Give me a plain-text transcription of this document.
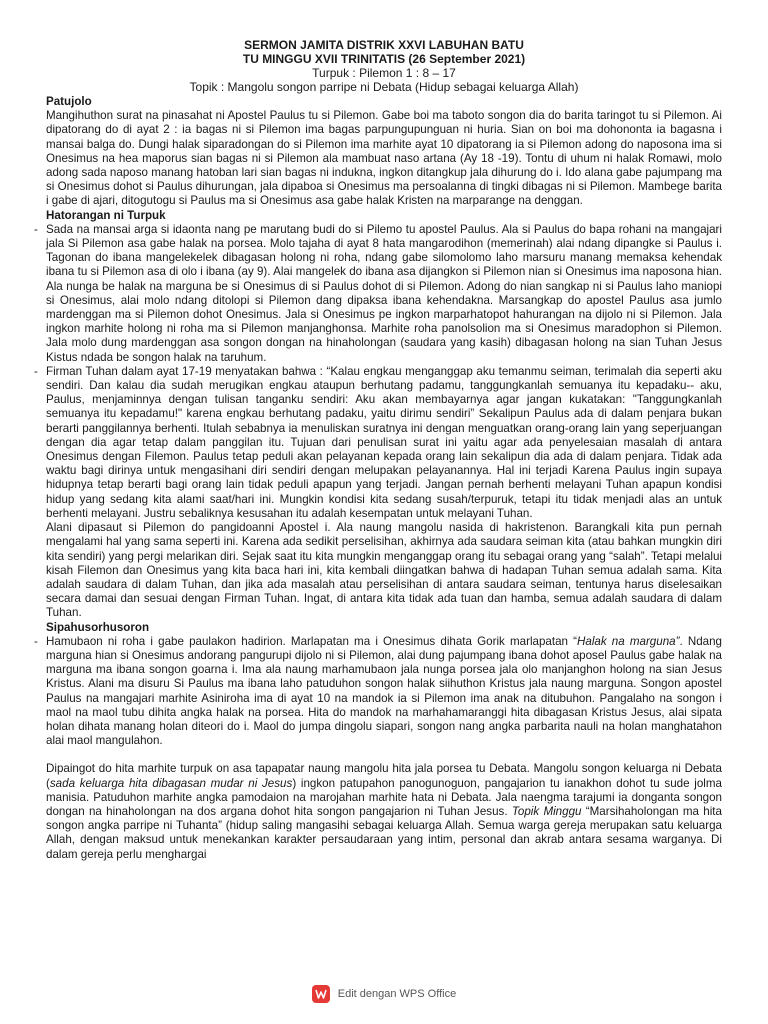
SERMON JAMITA DISTRIK XXVI LABUHAN BATU
TU MINGGU XVII TRINITATIS (26 September 2021)
Turpuk : Pilemon 1 : 8 – 17
Topik : Mangolu songon parripe ni Debata (Hidup sebagai keluarga Allah)

Patujolo

Mangihuthon surat na pinasahat ni Apostel Paulus tu si Pilemon. Gabe boi ma taboto songon dia do barita taringot tu si Pilemon. Ai dipatorang do di ayat 2 : ia bagas ni si Pilemon ima bagas parpungupunguan ni huria. Sian on boi ma dohononta ia bagasna i mansai balga do. Dungi halak siparadongan do si Pilemon ima marhite ayat 10 dipatorang ia si Pilemon adong do naposona ima si Onesimus na hea maporus sian bagas ni si Pilemon ala mambuat naso artana (Ay 18 -19). Tontu di uhum ni halak Romawi, molo adong sada naposo manang hatoban lari sian bagas ni indukna, ingkon ditangkup jala dihurung do i. Ido alana gabe pajumpang ma si Onesimus dohot si Paulus dihurungan, jala dipaboa si Onesimus ma persoalanna di tingki dibagas ni si Pilemon. Mambege barita i gabe di ajari, ditogutogu si Paulus ma si Onesimus asa gabe halak Kristen na marparange na denggan.

Hatorangan ni Turpuk

- Sada na mansai arga si idaonta nang pe marutang budi do si Pilemo tu apostel Paulus. Ala si Paulus do bapa rohani na mangajari jala Si Pilemon asa gabe halak na porsea. Molo tajaha di ayat 8 hata mangarodihon (memerinah) alai ndang dipangke si Paulus i. Tagonan do ibana mangelekelek dibagasan holong ni roha, ndang gabe silomolomo laho marsuru manang memaksa kehendak ibana tu si Pilemon asa di olo i ibana (ay 9). Alai mangelek do ibana asa dijangkon si Pilemon nian si Onesimus ima naposona hian. Ala nunga be halak na marguna be si Onesimus di si Paulus dohot di si Pilemon. Adong do nian sangkap ni si Paulus laho maniopi si Onesimus, alai molo ndang ditolopi si Pilemon dang dipaksa ibana kehendakna. Marsangkap do apostel Paulus asa jumlo mardenggan ma si Pilemon dohot Onesimus. Jala si Onesimus pe ingkon marparhatopot hahurangan na dijolo ni si Pilemon. Jala ingkon marhite holong ni roha ma si Pilemon manjanghonsa. Marhite roha panolsolion ma si Onesimus maradophon si Pilemon. Jala molo dung mardenggan asa songon dongan na hinaholongan (saudara yang kasih) dibagasan holong na sian Tuhan Jesus Kistus ndada be songon halak na taruhum.

- Firman Tuhan dalam ayat 17-19 menyatakan bahwa : “Kalau engkau menganggap aku temanmu seiman, terimalah dia seperti aku sendiri. Dan kalau dia sudah merugikan engkau ataupun berhutang padamu, tanggungkanlah semuanya itu kepadaku-- aku, Paulus, menjaminnya dengan tulisan tanganku sendiri: Aku akan membayarnya agar jangan kukatakan: "Tanggungkanlah semuanya itu kepadamu!" karena engkau berhutang padaku, yaitu dirimu sendiri” Sekalipun Paulus ada di dalam penjara bukan berarti panggilannya berhenti. Itulah sebabnya ia menuliskan suratnya ini dengan menguatkan orang-orang lain yang seperjuangan dengan dia agar tetap dalam panggilan itu. Tujuan dari penulisan surat ini yaitu agar ada penyelesaian masalah di antara Onesimus dengan Filemon. Paulus tetap peduli akan pelayanan kepada orang lain sekalipun dia ada di dalam penjara. Tidak ada waktu bagi dirinya untuk mengasihani diri sendiri dengan melupakan pelayanannya. Hal ini terjadi Karena Paulus ingin supaya hidupnya tetap berarti bagi orang lain tidak peduli apapun yang terjadi. Jangan pernah berhenti melayani Tuhan apapun kondisi hidup yang sedang kita alami saat/hari ini. Mungkin kondisi kita sedang susah/terpuruk, tetapi itu tidak menjadi alas an untuk berhenti melayani. Justru sebaliknya kesusahan itu adalah kesempatan untuk melayani Tuhan.

Alani dipasaut si Pilemon do pangidoanni Apostel i. Ala naung mangolu nasida di hakristenon. Barangkali kita pun pernah mengalami hal yang sama seperti ini. Karena ada sedikit perselisihan, akhirnya ada saudara seiman kita (atau bahkan mungkin diri kita sendiri) yang pergi melarikan diri. Sejak saat itu kita mungkin menganggap orang itu sebagai orang yang “salah”. Tetapi melalui kisah Filemon dan Onesimus yang kita baca hari ini, kita kembali diingatkan bahwa di hadapan Tuhan semua adalah sama. Kita adalah saudara di dalam Tuhan, dan jika ada masalah atau perselisihan di antara saudara seiman, tentunya harus diselesaikan secara damai dan sesuai dengan Firman Tuhan. Ingat, di antara kita tidak ada tuan dan hamba, semua adalah saudara di dalam Tuhan.

Sipahusorhusoron

- Hamubaon ni roha i gabe paulakon hadirion. Marlapatan ma i Onesimus dihata Gorik marlapatan “Halak na marguna”. Ndang marguna hian si Onesimus andorang pangurupi dijolo ni si Pilemon, alai dung pajumpang ibana dohot aposel Paulus gabe halak na marguna ma ibana songon goarna i. Ima ala naung marhamubaon jala nunga porsea jala olo manjanghon holong na sian Jesus Kristus. Alani ma disuru Si Paulus ma ibana laho patuduhon songon halak siihuthon Kristus jala naung marguna. Songon apostel Paulus na mangajari marhite Asiniroha ima di ayat 10 na mandok ia si Pilemon ima anak na ditubuhon. Pangalaho na songon i maol na maol tubu dihita angka halak na porsea. Hita do mandok na marhahamaranggi hita dibagasan Kristus Jesus, alai sipata holan dihata manang holan diteori do i. Maol do jumpa dingolu siapari, songon nang angka parbarita nauli na holan manghatahon alai maol mangulahon.

Dipaingot do hita marhite turpuk on asa tapapatar naung mangolu hita jala porsea tu Debata. Mangolu songon keluarga ni Debata (sada keluarga hita dibagasan mudar ni Jesus) ingkon patupahon panogunoguon, pangajarion tu ianakhon dohot tu sude jolma manisia. Patuduhon marhite angka pamodaion na marojahan marhite hata ni Debata. Jala naengma tarajumi ia donganta songon dongan na hinaholongan na dos argana dohot hita songon pangajarion ni Tuhan Jesus. Topik Minggu “Marsihaholongan ma hita songon angka parripe ni Tuhanta” (hidup saling mangasihi sebagai keluarga Allah. Semua warga gereja merupakan satu keluarga Allah, dengan maksud untuk menekankan karakter persaudaraan yang intim, personal dan akrab antara sesama warganya. Di dalam gereja perlu menghargai

Edit dengan WPS Office
